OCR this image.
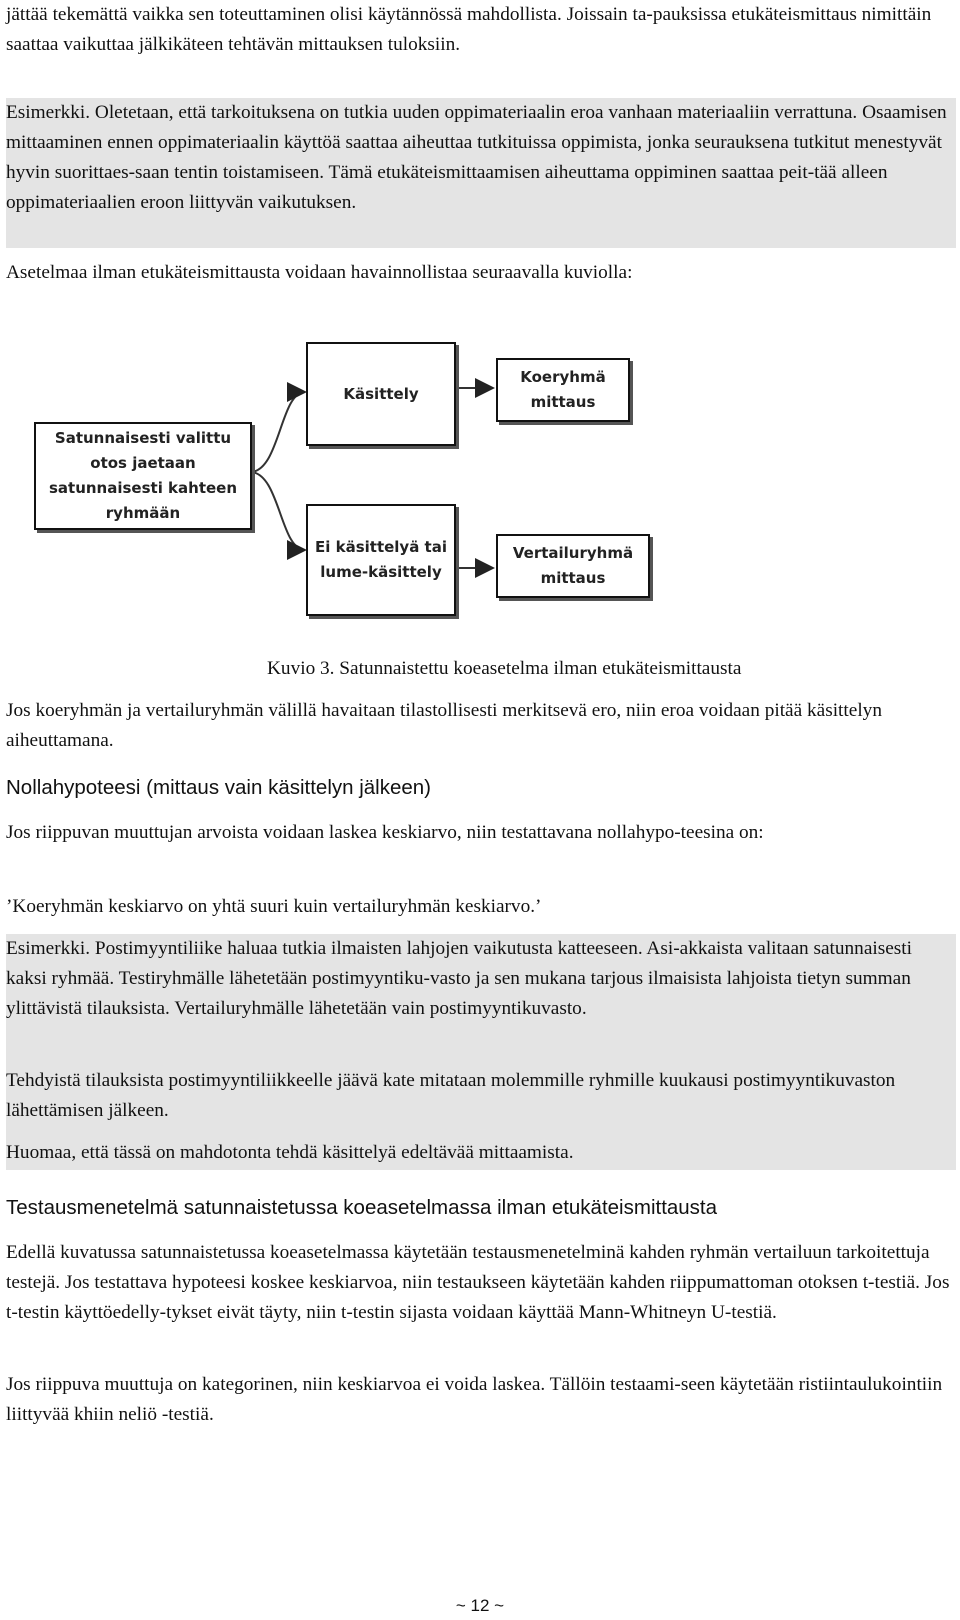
jättää tekemättä vaikka sen toteuttaminen olisi käytännössä mahdollista. Joissain ta-pauksissa etukäteismittaus nimittäin saattaa vaikuttaa jälkikäteen tehtävän mittauksen tuloksiin.

Esimerkki. Oletetaan, että tarkoituksena on tutkia uuden oppimateriaalin eroa vanhaan materiaaliin verrattuna. Osaamisen mittaaminen ennen oppimateriaalin käyttöä saattaa aiheuttaa tutkituissa oppimista, jonka seurauksena tutkitut menestyvät hyvin suorittaes-saan tentin toistamiseen. Tämä etukäteismittaamisen aiheuttama oppiminen saattaa peit-tää alleen oppimateriaalien eroon liittyvän vaikutuksen.

Asetelmaa ilman etukäteismittausta voidaan havainnollistaa seuraavalla kuviolla:

Satunnaisesti valittu
otos jaetaan
satunnaisesti kahteen
ryhmään
Käsittely
Ei käsittelyä tai
lume-käsittely
Koeryhmä
mittaus
Vertailuryhmä
mittaus
Kuvio 3. Satunnaistettu koeasetelma ilman etukäteismittausta

Jos koeryhmän ja vertailuryhmän välillä havaitaan tilastollisesti merkitsevä ero, niin eroa voidaan pitää käsittelyn aiheuttamana.

Nollahypoteesi (mittaus vain käsittelyn jälkeen)

Jos riippuvan muuttujan arvoista voidaan laskea keskiarvo, niin testattavana nollahypo-teesina on:

’Koeryhmän keskiarvo on yhtä suuri kuin vertailuryhmän keskiarvo.’

Esimerkki. Postimyyntiliike haluaa tutkia ilmaisten lahjojen vaikutusta katteeseen. Asi-akkaista valitaan satunnaisesti kaksi ryhmää. Testiryhmälle lähetetään postimyyntiku-vasto ja sen mukana tarjous ilmaisista lahjoista tietyn summan ylittävistä tilauksista. Vertailuryhmälle lähetetään vain postimyyntikuvasto.

Tehdyistä tilauksista postimyyntiliikkeelle jäävä kate mitataan molemmille ryhmille kuukausi postimyyntikuvaston lähettämisen jälkeen.

Huomaa, että tässä on mahdotonta tehdä käsittelyä edeltävää mittaamista.

Testausmenetelmä satunnaistetussa koeasetelmassa ilman etukäteismittausta

Edellä kuvatussa satunnaistetussa koeasetelmassa käytetään testausmenetelminä kahden ryhmän vertailuun tarkoitettuja testejä. Jos testattava hypoteesi koskee keskiarvoa, niin testaukseen käytetään kahden riippumattoman otoksen t-testiä. Jos t-testin käyttöedelly-tykset eivät täyty, niin t-testin sijasta voidaan käyttää Mann-Whitneyn U-testiä.

Jos riippuva muuttuja on kategorinen, niin keskiarvoa ei voida laskea. Tällöin testaami-seen käytetään ristiintaulukointiin liittyvää khiin neliö -testiä.

~ 12 ~
